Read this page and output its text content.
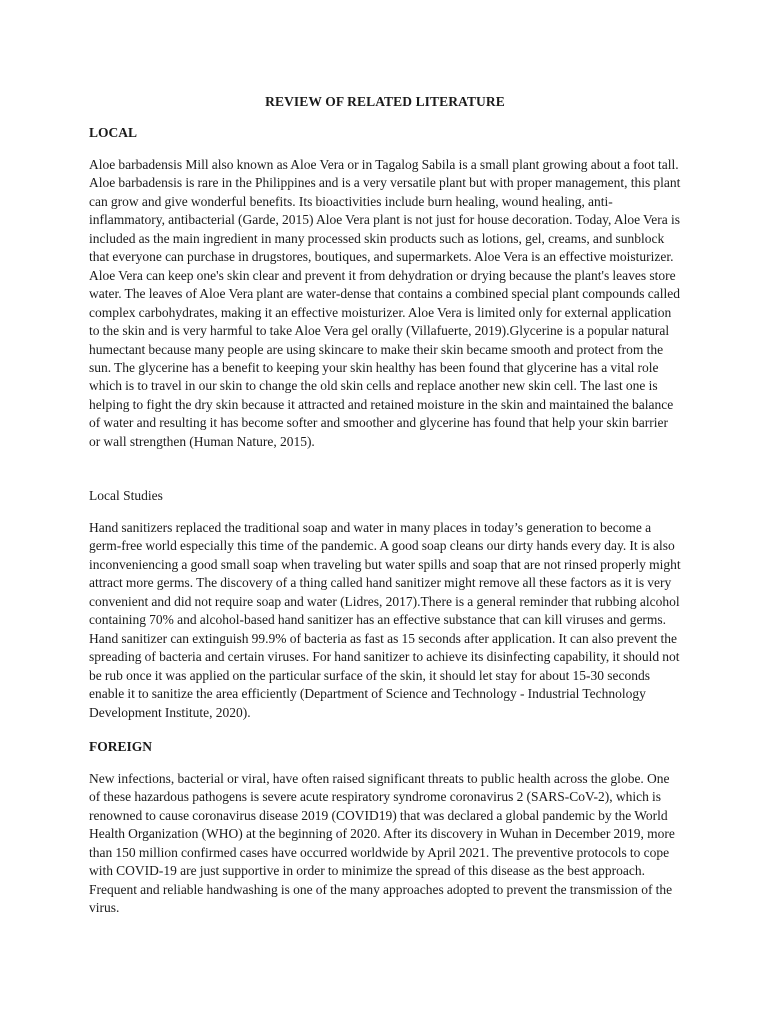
REVIEW OF RELATED LITERATURE
LOCAL
Aloe barbadensis Mill also known as Aloe Vera or in Tagalog Sabila is a small plant growing about a foot tall. Aloe barbadensis is rare in the Philippines and is a very versatile plant but with proper management, this plant can grow and give wonderful benefits. Its bioactivities include burn healing, wound healing, anti-inflammatory, antibacterial (Garde, 2015) Aloe Vera plant is not just for house decoration. Today, Aloe Vera is included as the main ingredient in many processed skin products such as lotions, gel, creams, and sunblock that everyone can purchase in drugstores, boutiques, and supermarkets. Aloe Vera is an effective moisturizer. Aloe Vera can keep one's skin clear and prevent it from dehydration or drying because the plant's leaves store water. The leaves of Aloe Vera plant are water-dense that contains a combined special plant compounds called complex carbohydrates, making it an effective moisturizer. Aloe Vera is limited only for external application to the skin and is very harmful to take Aloe Vera gel orally (Villafuerte, 2019).Glycerine is a popular natural humectant because many people are using skincare to make their skin became smooth and protect from the sun. The glycerine has a benefit to keeping your skin healthy has been found that glycerine has a vital role which is to travel in our skin to change the old skin cells and replace another new skin cell. The last one is helping to fight the dry skin because it attracted and retained moisture in the skin and maintained the balance of water and resulting it has become softer and smoother and glycerine has found that help your skin barrier or wall strengthen (Human Nature, 2015).
Local Studies
Hand sanitizers replaced the traditional soap and water in many places in today’s generation to become a germ-free world especially this time of the pandemic. A good soap cleans our dirty hands every day. It is also inconveniencing a good small soap when traveling but water spills and soap that are not rinsed properly might attract more germs. The discovery of a thing called hand sanitizer might remove all these factors as it is very convenient and did not require soap and water (Lidres, 2017).There is a general reminder that rubbing alcohol containing 70% and alcohol-based hand sanitizer has an effective substance that can kill viruses and germs. Hand sanitizer can extinguish 99.9% of bacteria as fast as 15 seconds after application. It can also prevent the spreading of bacteria and certain viruses. For hand sanitizer to achieve its disinfecting capability, it should not be rub once it was applied on the particular surface of the skin, it should let stay for about 15-30 seconds enable it to sanitize the area efficiently (Department of Science and Technology - Industrial Technology Development Institute, 2020).
FOREIGN
New infections, bacterial or viral, have often raised significant threats to public health across the globe. One of these hazardous pathogens is severe acute respiratory syndrome coronavirus 2 (SARS-CoV-2), which is renowned to cause coronavirus disease 2019 (COVID19) that was declared a global pandemic by the World Health Organization (WHO) at the beginning of 2020. After its discovery in Wuhan in December 2019, more than 150 million confirmed cases have occurred worldwide by April 2021. The preventive protocols to cope with COVID-19 are just supportive in order to minimize the spread of this disease as the best approach. Frequent and reliable handwashing is one of the many approaches adopted to prevent the transmission of the virus.
